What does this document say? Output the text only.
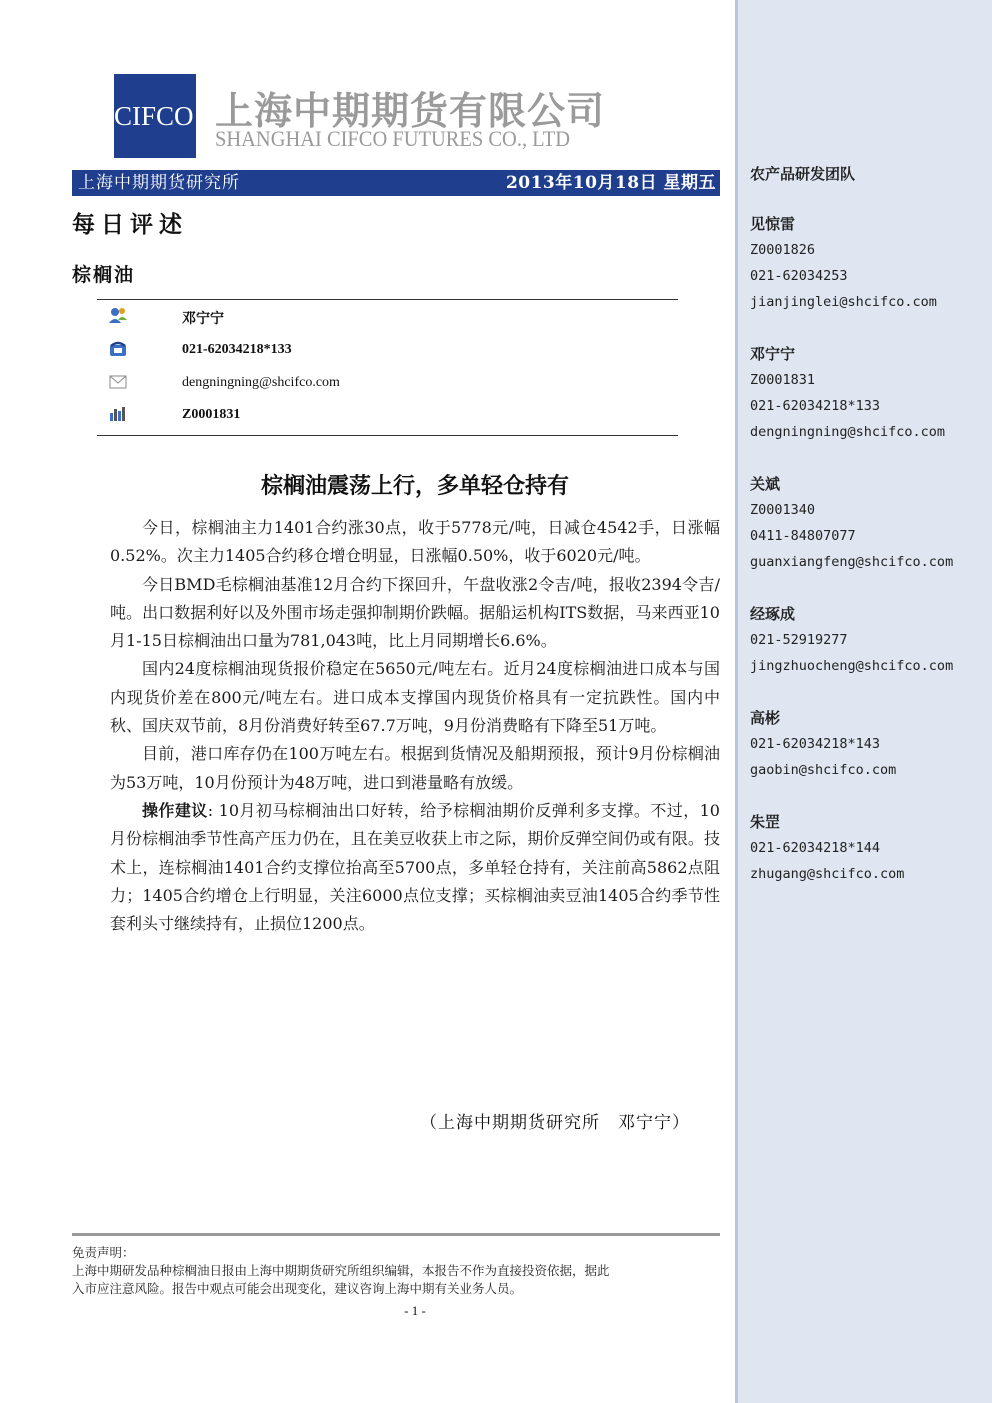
CIFCO 上海中期期货有限公司
SHANGHAI CIFCO FUTURES CO., LTD
上海中期期货研究所	2013年10月18日 星期五
每日评述
棕榈油
邓宁宁
021-62034218*133
dengningning@shcifco.com
Z0001831
棕榈油震荡上行，多单轻仓持有

今日，棕榈油主力1401合约涨30点，收于5778元/吨，日减仓4542手，日涨幅0.52%。次主力1405合约移仓增仓明显，日涨幅0.50%，收于6020元/吨。

今日BMD毛棕榈油基准12月合约下探回升，午盘收涨2令吉/吨，报收2394令吉/吨。出口数据利好以及外围市场走强抑制期价跌幅。据船运机构ITS数据，马来西亚10月1-15日棕榈油出口量为781,043吨，比上月同期增长6.6%。

国内24度棕榈油现货报价稳定在5650元/吨左右。近月24度棕榈油进口成本与国内现货价差在800元/吨左右。进口成本支撑国内现货价格具有一定抗跌性。国内中秋、国庆双节前，8月份消费好转至67.7万吨，9月份消费略有下降至51万吨。

目前，港口库存仍在100万吨左右。根据到货情况及船期预报，预计9月份棕榈油为53万吨，10月份预计为48万吨，进口到港量略有放缓。

操作建议: 10月初马棕榈油出口好转，给予棕榈油期价反弹利多支撑。不过，10月份棕榈油季节性高产压力仍在，且在美豆收获上市之际，期价反弹空间仍或有限。技术上，连棕榈油1401合约支撑位抬高至5700点，多单轻仓持有，关注前高5862点阻力；1405合约增仓上行明显，关注6000点位支撑；买棕榈油卖豆油1405合约季节性套利头寸继续持有，止损位1200点。

（上海中期期货研究所　邓宁宁）
免责声明：
上海中期研发品种棕榈油日报由上海中期期货研究所组织编辑，本报告不作为直接投资依据，据此
入市应注意风险。报告中观点可能会出现变化，建议咨询上海中期有关业务人员。
- 1 -
农产品研发团队
见惊雷
Z0001826
021-62034253
jianjinglei@shcifco.com
邓宁宁
Z0001831
021-62034218*133
dengningning@shcifco.com
关斌
Z0001340
0411-84807077
guanxiangfeng@shcifco.com
经琢成
021-52919277
jingzhuocheng@shcifco.com
高彬
021-62034218*143
gaobin@shcifco.com
朱罡
021-62034218*144
zhugang@shcifco.com
